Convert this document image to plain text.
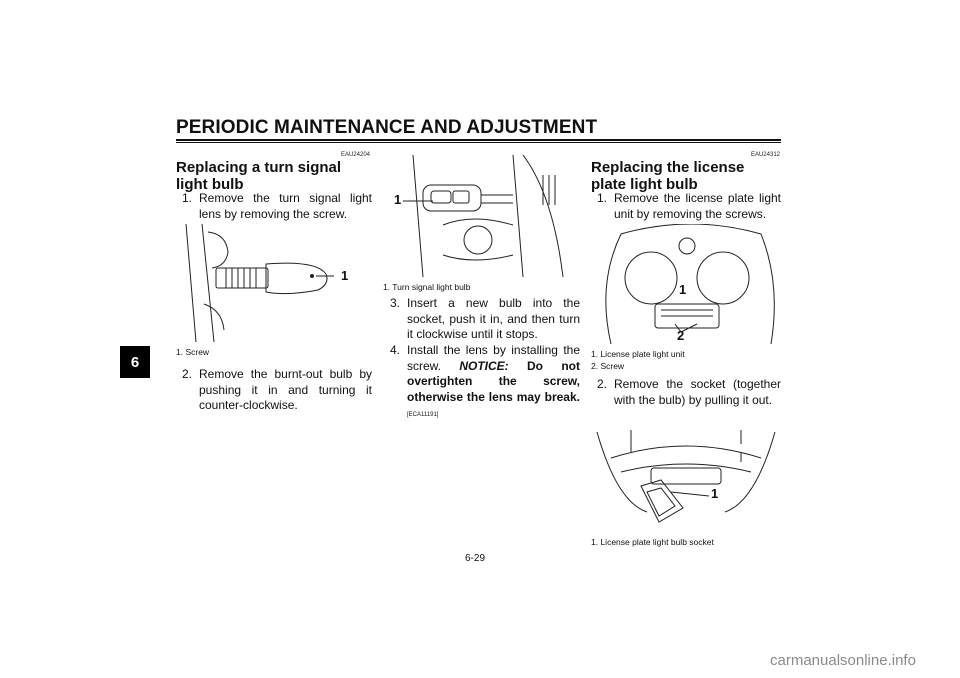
PERIODIC MAINTENANCE AND ADJUSTMENT
6
EAU24204
Replacing a turn signal light bulb
1. Remove the turn signal light lens by removing the screw.
1
1. Screw
2. Remove the burnt-out bulb by pushing it in and turning it counter-clockwise.
1
1. Turn signal light bulb
3. Insert a new bulb into the socket, push it in, and then turn it clockwise until it stops.
4. Install the lens by installing the screw. NOTICE: Do not overtighten the screw, otherwise the lens may break. [ECA11191]
EAU24312
Replacing the license plate light bulb
1. Remove the license plate light unit by removing the screws.
1
2
1. License plate light unit
2. Screw
2. Remove the socket (together with the bulb) by pulling it out.
1
1. License plate light bulb socket
6-29
carmanualsonline.info
